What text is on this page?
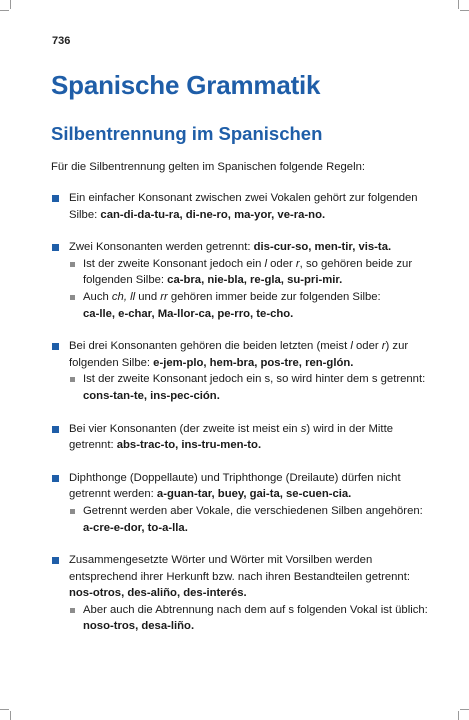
736
Spanische Grammatik
Silbentrennung im Spanischen

Für die Silbentrennung gelten im Spanischen folgende Regeln:

Ein einfacher Konsonant zwischen zwei Vokalen gehört zur folgenden
Silbe: can-di-da-tu-ra, di-ne-ro, ma-yor, ve-ra-no.
Zwei Konsonanten werden getrennt: dis-cur-so, men-tir, vis-ta.
Ist der zweite Konsonant jedoch ein l oder r, so gehören beide zur
folgenden Silbe: ca-bra, nie-bla, re-gla, su-pri-mir.
Auch ch, ll und rr gehören immer beide zur folgenden Silbe:
ca-lle, e-char, Ma-llor-ca, pe-rro, te-cho.
Bei drei Konsonanten gehören die beiden letzten (meist l oder r) zur
folgenden Silbe: e-jem-plo, hem-bra, pos-tre, ren-glón.
Ist der zweite Konsonant jedoch ein s, so wird hinter dem s getrennt:
cons-tan-te, ins-pec-ción.
Bei vier Konsonanten (der zweite ist meist ein s) wird in der Mitte
getrennt: abs-trac-to, ins-tru-men-to.
Diphthonge (Doppellaute) und Triphthonge (Dreilaute) dürfen nicht
getrennt werden: a-guan-tar, buey, gai-ta, se-cuen-cia.
Getrennt werden aber Vokale, die verschiedenen Silben angehören:
a-cre-e-dor, to-a-lla.
Zusammengesetzte Wörter und Wörter mit Vorsilben werden
entsprechend ihrer Herkunft bzw. nach ihren Bestandteilen getrennt:
nos-otros, des-aliño, des-interés.
Aber auch die Abtrennung nach dem auf s folgenden Vokal ist üblich:
noso-tros, desa-liño.
